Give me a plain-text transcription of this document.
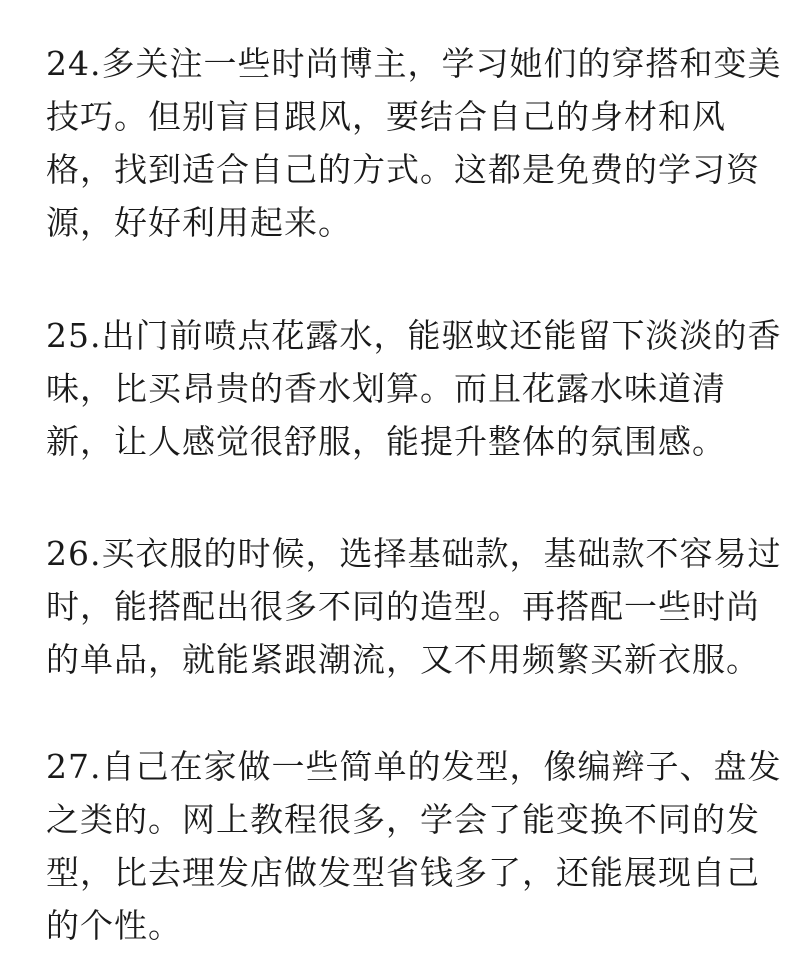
24.多关注一些时尚博主，学习她们的穿搭和变美
技巧。但别盲目跟风，要结合自己的身材和风
格，找到适合自己的方式。这都是免费的学习资
源，好好利用起来。
25.出门前喷点花露水，能驱蚊还能留下淡淡的香
味，比买昂贵的香水划算。而且花露水味道清
新，让人感觉很舒服，能提升整体的氛围感。
26.买衣服的时候，选择基础款，基础款不容易过
时，能搭配出很多不同的造型。再搭配一些时尚
的单品，就能紧跟潮流，又不用频繁买新衣服。
27.自己在家做一些简单的发型，像编辫子、盘发
之类的。网上教程很多，学会了能变换不同的发
型，比去理发店做发型省钱多了，还能展现自己
的个性。
